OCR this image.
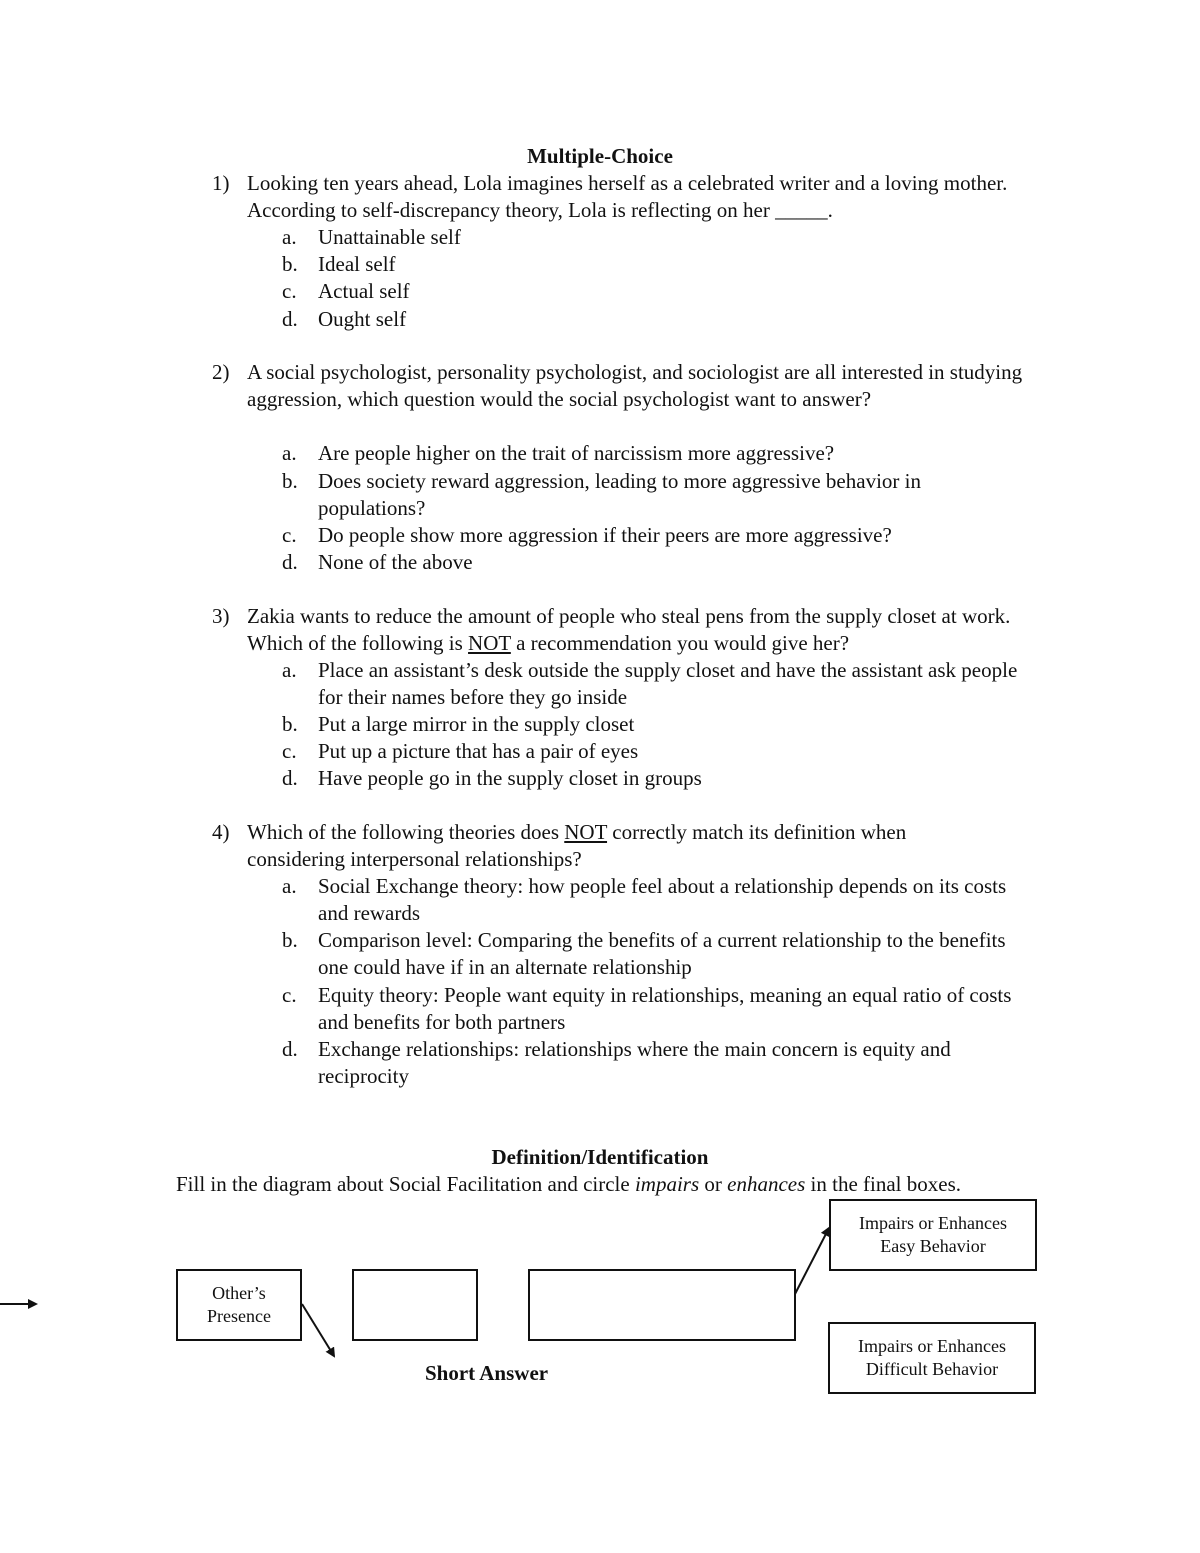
Multiple-Choice
1) Looking ten years ahead, Lola imagines herself as a celebrated writer and a loving mother. According to self-discrepancy theory, Lola is reflecting on her _____.
a. Unattainable self
b. Ideal self
c. Actual self
d. Ought self
2) A social psychologist, personality psychologist, and sociologist are all interested in studying aggression, which question would the social psychologist want to answer?
a. Are people higher on the trait of narcissism more aggressive?
b. Does society reward aggression, leading to more aggressive behavior in populations?
c. Do people show more aggression if their peers are more aggressive?
d. None of the above
3) Zakia wants to reduce the amount of people who steal pens from the supply closet at work. Which of the following is NOT a recommendation you would give her?
a. Place an assistant’s desk outside the supply closet and have the assistant ask people for their names before they go inside
b. Put a large mirror in the supply closet
c. Put up a picture that has a pair of eyes
d. Have people go in the supply closet in groups
4) Which of the following theories does NOT correctly match its definition when considering interpersonal relationships?
a. Social Exchange theory: how people feel about a relationship depends on its costs and rewards
b. Comparison level: Comparing the benefits of a current relationship to the benefits one could have if in an alternate relationship
c. Equity theory: People want equity in relationships, meaning an equal ratio of costs and benefits for both partners
d. Exchange relationships: relationships where the main concern is equity and reciprocity
Definition/Identification
Fill in the diagram about Social Facilitation and circle impairs or enhances in the final boxes.
Other’s
Presence
Impairs or Enhances
Easy Behavior
Impairs or Enhances
Difficult Behavior
Short Answer
